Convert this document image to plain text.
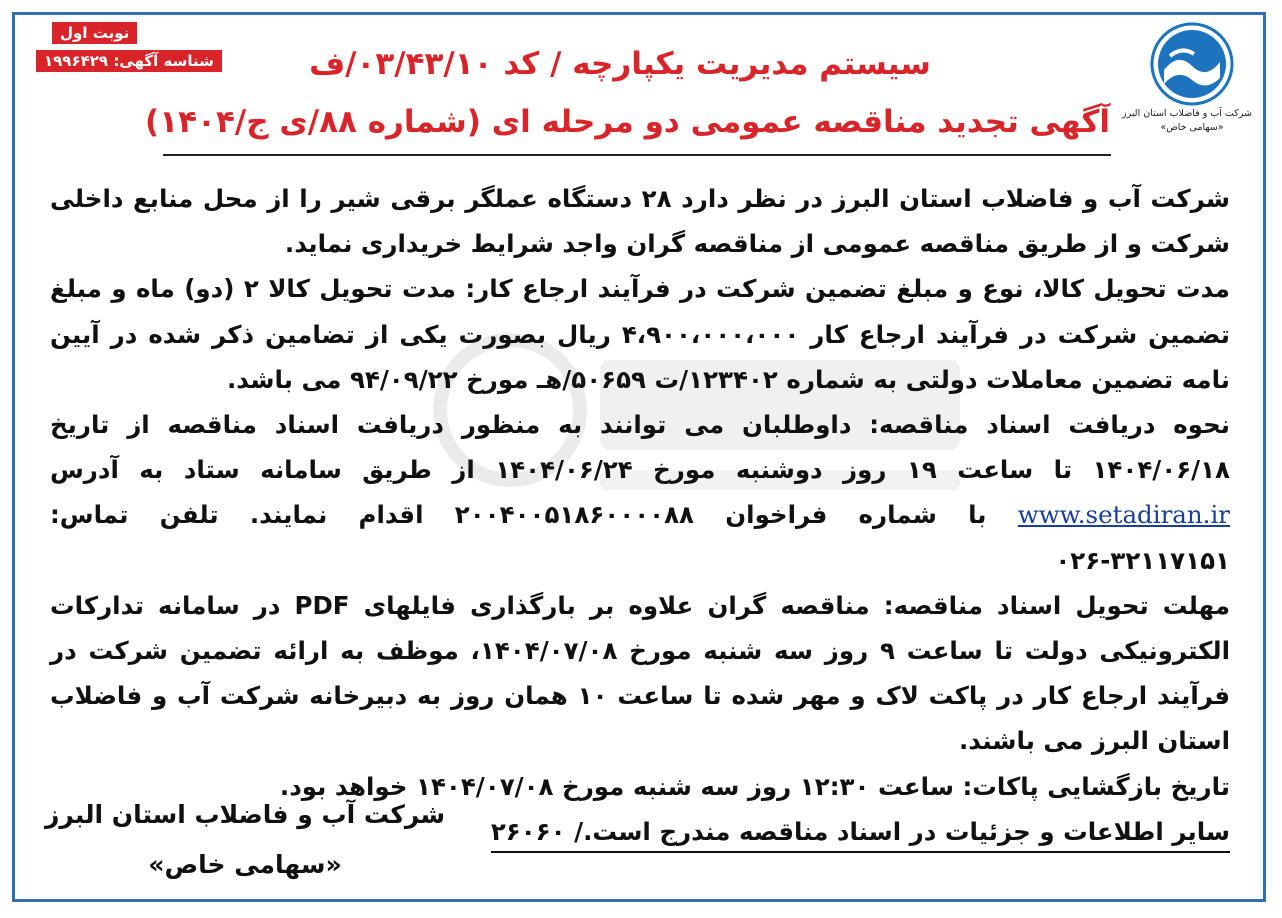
نوبت اول
شناسه آگهی: ۱۹۹۶۴۲۹
شرکت آب و فاضلاب استان البرز
«سهامی خاص»
سیستم مدیریت یکپارچه / کد ۰۳/۴۳/۱۰/ف
آگهی تجدید مناقصه عمومی دو مرحله ای (شماره ۸۸/ی ج/۱۴۰۴)

شرکت آب و فاضلاب استان البرز در نظر دارد ۲۸ دستگاه عملگر برقی شیر را از محل منابع داخلی شرکت و از طریق مناقصه عمومی از مناقصه گران واجد شرایط خریداری نماید.

مدت تحویل کالا، نوع و مبلغ تضمین شرکت در فرآیند ارجاع کار: مدت تحویل کالا ۲ (دو) ماه و مبلغ تضمین شرکت در فرآیند ارجاع کار ۴،۹۰۰،۰۰۰،۰۰۰ ریال بصورت یکی از تضامین ذکر شده در آیین نامه تضمین معاملات دولتی به شماره ۱۲۳۴۰۲/ت ۵۰۶۵۹/هـ مورخ ۹۴/۰۹/۲۲ می باشد.

نحوه دریافت اسناد مناقصه: داوطلبان می توانند به منظور دریافت اسناد مناقصه از تاریخ ۱۴۰۴/۰۶/۱۸ تا ساعت ۱۹ روز دوشنبه مورخ ۱۴۰۴/۰۶/۲۴ از طریق سامانه ستاد به آدرس www.setadiran.ir با شماره فراخوان ۲۰۰۴۰۰۵۱۸۶۰۰۰۰۸۸ اقدام نمایند. تلفن تماس: ۳۲۱۱۷۱۵۱-۰۲۶

مهلت تحویل اسناد مناقصه: مناقصه گران علاوه بر بارگذاری فایلهای PDF در سامانه تدارکات الکترونیکی دولت تا ساعت ۹ روز سه شنبه مورخ ۱۴۰۴/۰۷/۰۸، موظف به ارائه تضمین شرکت در فرآیند ارجاع کار در پاکت لاک و مهر شده تا ساعت ۱۰ همان روز به دبیرخانه شرکت آب و فاضلاب استان البرز می باشند.

تاریخ بازگشایی پاکات: ساعت ۱۲:۳۰ روز سه شنبه مورخ ۱۴۰۴/۰۷/۰۸ خواهد بود.

سایر اطلاعات و جزئیات در اسناد مناقصه مندرج است./ ۲۶۰۶۰

شرکت آب و فاضلاب استان البرز
«سهامی خاص»
